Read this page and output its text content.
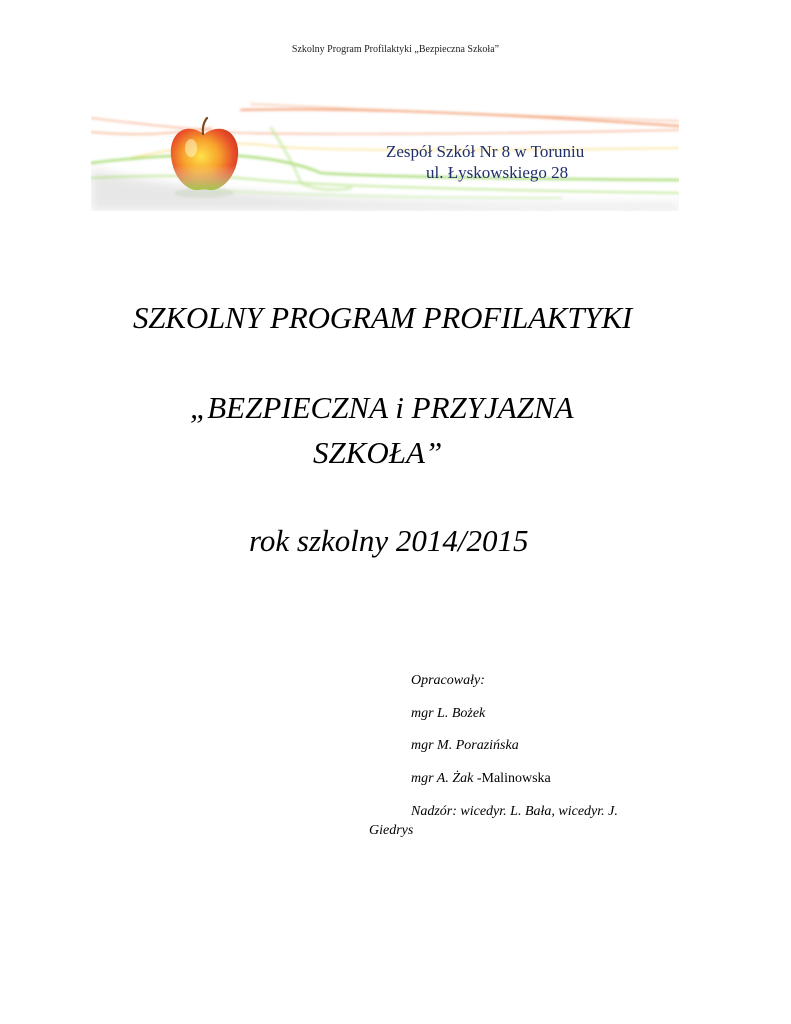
Szkolny Program Profilaktyki „Bezpieczna Szkoła”
Zespół Szkół Nr 8 w Toruniu
ul. Łyskowskiego 28
SZKOLNY PROGRAM PROFILAKTYKI
„BEZPIECZNA i PRZYJAZNA
SZKOŁA”
rok szkolny 2014/2015
Opracowały:
mgr L. Bożek
mgr M. Porazińska
mgr A. Żak -Malinowska
Nadzór: wicedyr. L. Bała, wicedyr. J.
Giedrys
